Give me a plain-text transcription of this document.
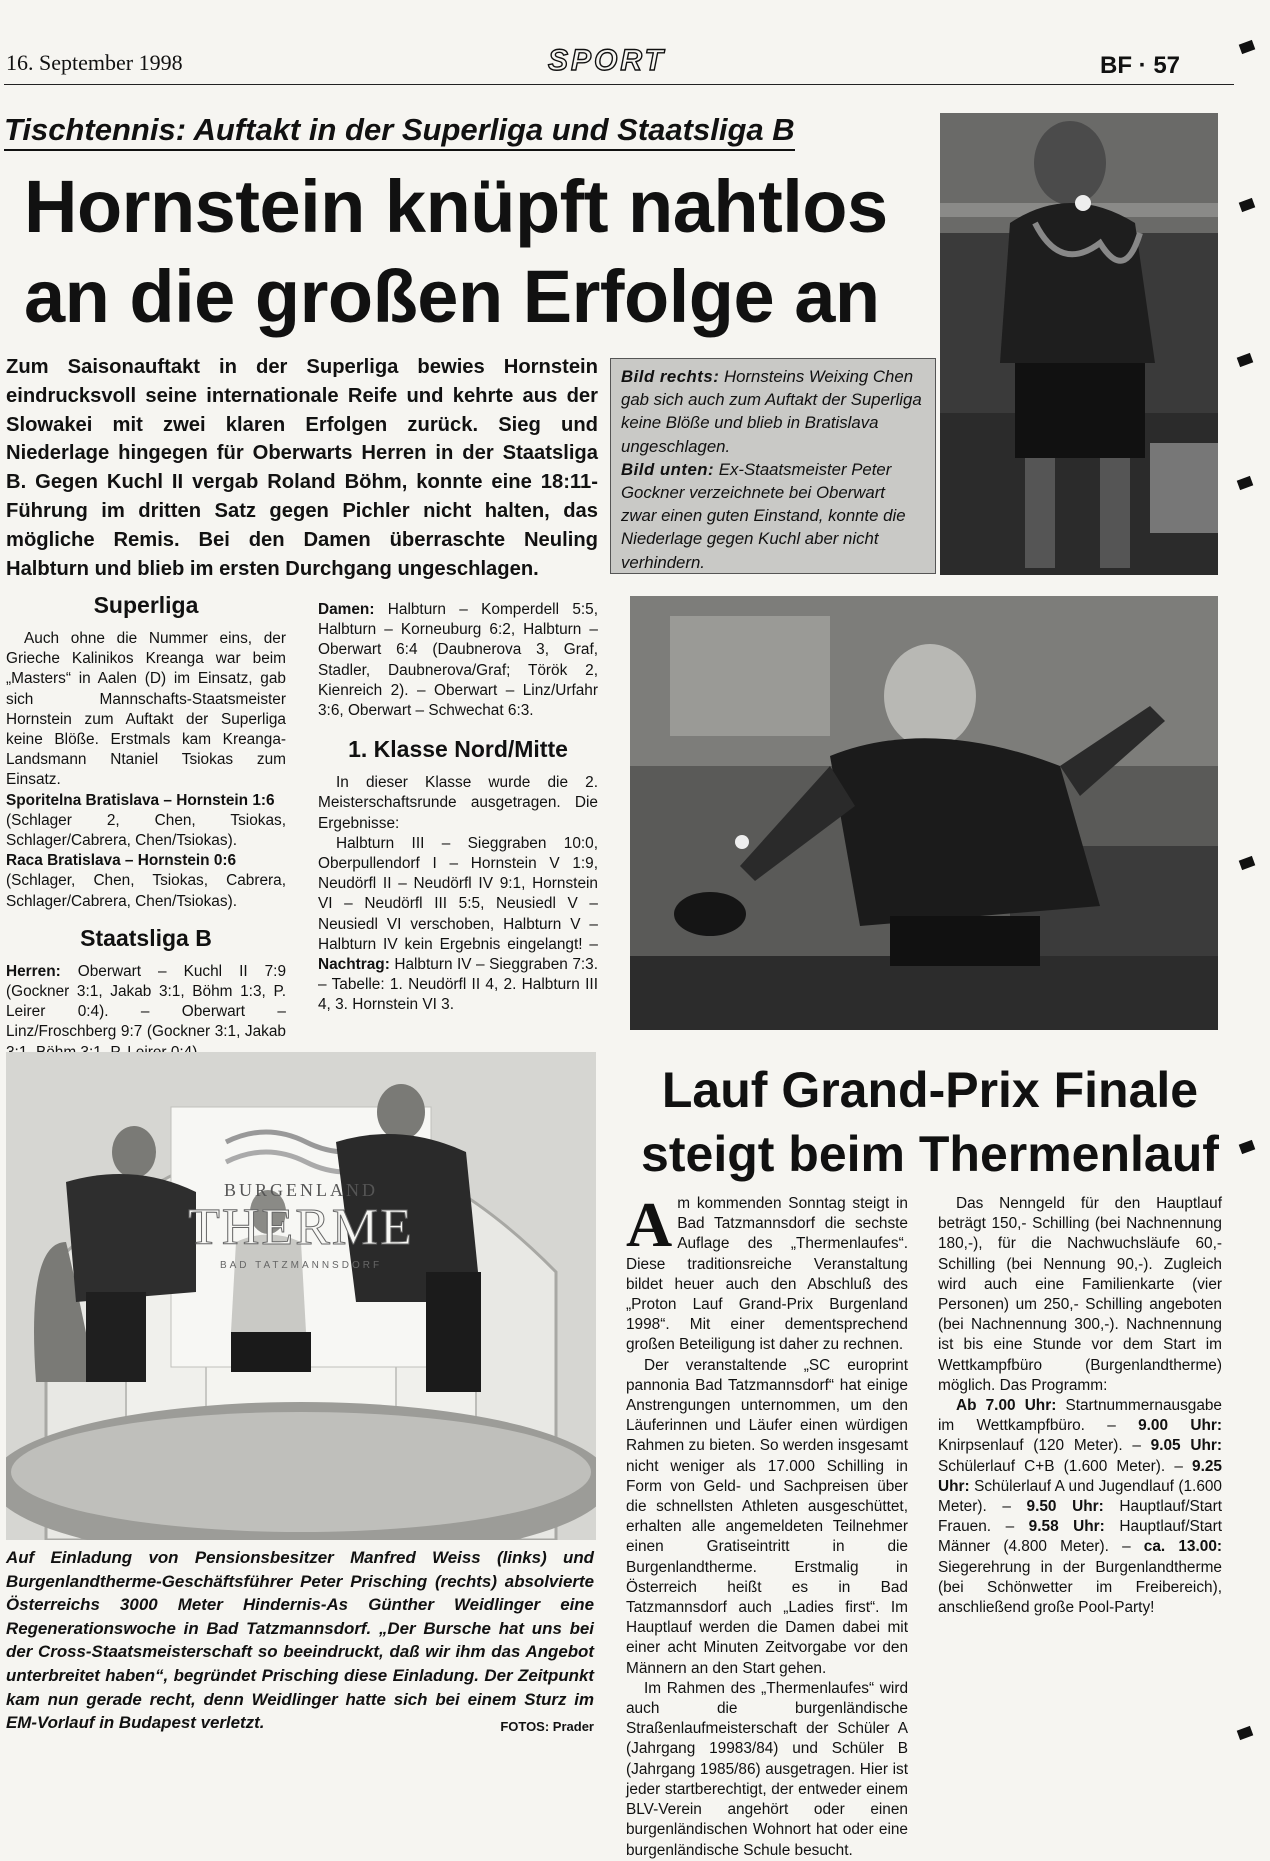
16. September 1998	SPORT	BF · 57
Tischtennis: Auftakt in der Superliga und Staatsliga B
Hornstein knüpft nahtlos
an die großen Erfolge an
Zum Saisonauftakt in der Superliga bewies Hornstein eindrucksvoll seine internationale Reife und kehrte aus der Slowakei mit zwei klaren Erfolgen zurück. Sieg und Niederlage hingegen für Oberwarts Herren in der Staatsliga B. Gegen Kuchl II vergab Roland Böhm, konnte eine 18:11-Führung im dritten Satz gegen Pichler nicht halten, das mögliche Remis. Bei den Damen überraschte Neuling Halbturn und blieb im ersten Durchgang ungeschlagen.
Superliga

Auch ohne die Nummer eins, der Grieche Kalinikos Kreanga war beim „Masters“ in Aalen (D) im Einsatz, gab sich Mannschafts-Staatsmeister Hornstein zum Auftakt der Superliga keine Blöße. Erstmals kam Kreanga-Landsmann Ntaniel Tsiokas zum Einsatz.

Sporitelna Bratislava – Hornstein 1:6

(Schlager 2, Chen, Tsiokas, Schlager/Cabrera, Chen/Tsiokas).

Raca Bratislava – Hornstein 0:6

(Schlager, Chen, Tsiokas, Cabrera, Schlager/Cabrera, Chen/Tsiokas).

Staatsliga B

Herren: Oberwart – Kuchl II 7:9 (Gockner 3:1, Jakab 3:1, Böhm 1:3, P. Leirer 0:4). – Oberwart – Linz/Froschberg 9:7 (Gockner 3:1, Jakab

Damen: Halbturn – Komperdell 5:5, Halbturn – Korneuburg 6:2, Halbturn – Oberwart 6:4 (Daubnerova 3, Graf, Stadler, Daubnerova/Graf; Török 2, Kienreich 2). – Oberwart – Linz/Urfahr 3:6, Oberwart – Schwechat 6:3.

1. Klasse Nord/Mitte

In dieser Klasse wurde die 2. Meisterschaftsrunde ausgetragen. Die Ergebnisse:

Halbturn III – Sieggraben 10:0, Oberpullendorf I – Hornstein V 1:9, Neudörfl II – Neudörfl IV 9:1, Hornstein VI – Neudörfl III 5:5, Neusiedl V – Neusiedl VI verschoben, Halbturn V – Halbturn IV kein Ergebnis eingelangt! – Nachtrag: Halbturn IV – Sieggraben 7:3. – Tabelle: 1. Neudörfl II 4, 2. Halbturn III 4, 3. Hornstein VI 3.

Bild rechts: Hornsteins Weixing Chen gab sich auch zum Auftakt der Superliga keine Blöße und blieb in Bratislava ungeschlagen.
Bild unten: Ex-Staatsmeister Peter Gockner verzeichnete bei Oberwart zwar einen guten Einstand, konnte die Niederlage gegen Kuchl aber nicht verhindern.
BURGENLAND
THERME
BAD TATZMANNSDORF
Auf Einladung von Pensionsbesitzer Manfred Weiss (links) und Burgenlandtherme-Geschäftsführer Peter Prisching (rechts) absolvierte Österreichs 3000 Meter Hindernis-As Günther Weidlinger eine Regenerationswoche in Bad Tatzmannsdorf. „Der Bursche hat uns bei der Cross-Staatsmeisterschaft so beeindruckt, daß wir ihm das Angebot unterbreitet haben“, begründet Prisching diese Einladung. Der Zeitpunkt kam nun gerade recht, denn Weidlinger hatte sich bei einem Sturz im EM-Vorlauf in Budapest verletzt.	FOTOS: Prader
Lauf Grand-Prix Finale
steigt beim Thermenlauf

Am kommenden Sonntag steigt in Bad Tatzmannsdorf die sechste Auflage des „Thermenlaufes“. Diese traditionsreiche Veranstaltung bildet heuer auch den Abschluß des „Proton Lauf Grand-Prix Burgenland 1998“. Mit einer dementsprechend großen Beteiligung ist daher zu rechnen.

Der veranstaltende „SC europrint pannonia Bad Tatzmannsdorf“ hat einige Anstrengungen unternommen, um den Läuferinnen und Läufer einen würdigen Rahmen zu bieten. So werden insgesamt nicht weniger als 17.000 Schilling in Form von Geld- und Sachpreisen über die schnellsten Athleten ausgeschüttet, erhalten alle angemeldeten Teilnehmer einen Gratiseintritt in die Burgenlandtherme. Erstmalig in Österreich heißt es in Bad Tatzmannsdorf auch „Ladies first“. Im Hauptlauf werden die Damen dabei mit einer acht Minuten Zeitvorgabe vor den Männern an den Start gehen.

Im Rahmen des „Thermenlaufes“ wird auch die burgenländische Straßenlaufmeisterschaft der Schüler A (Jahrgang 19983/84) und Schüler B (Jahrgang 1985/86) ausgetragen. Hier ist jeder startberechtigt, der entweder einem BLV-Verein angehört oder einen burgenländischen Wohnort hat oder eine burgenländische Schule besucht.

Das Nenngeld für den Hauptlauf beträgt 150,- Schilling (bei Nachnennung 180,-), für die Nachwuchsläufe 60,- Schilling (bei Nennung 90,-). Zugleich wird auch eine Familienkarte (vier Personen) um 250,- Schilling angeboten (bei Nachnennung 300,-). Nachnennung ist bis eine Stunde vor dem Start im Wettkampfbüro (Burgenlandtherme) möglich. Das Programm:

Ab 7.00 Uhr: Startnummernausgabe im Wettkampfbüro. – 9.00 Uhr: Knirpsenlauf (120 Meter). – 9.05 Uhr: Schülerlauf C+B (1.600 Meter). – 9.25 Uhr: Schülerlauf A und Jugendlauf (1.600 Meter). – 9.50 Uhr: Hauptlauf/Start Frauen. – 9.58 Uhr: Hauptlauf/Start Männer (4.800 Meter). – ca. 13.00: Siegerehrung in der Burgenlandtherme (bei Schönwetter im Freibereich), anschließend große Pool-Party!
